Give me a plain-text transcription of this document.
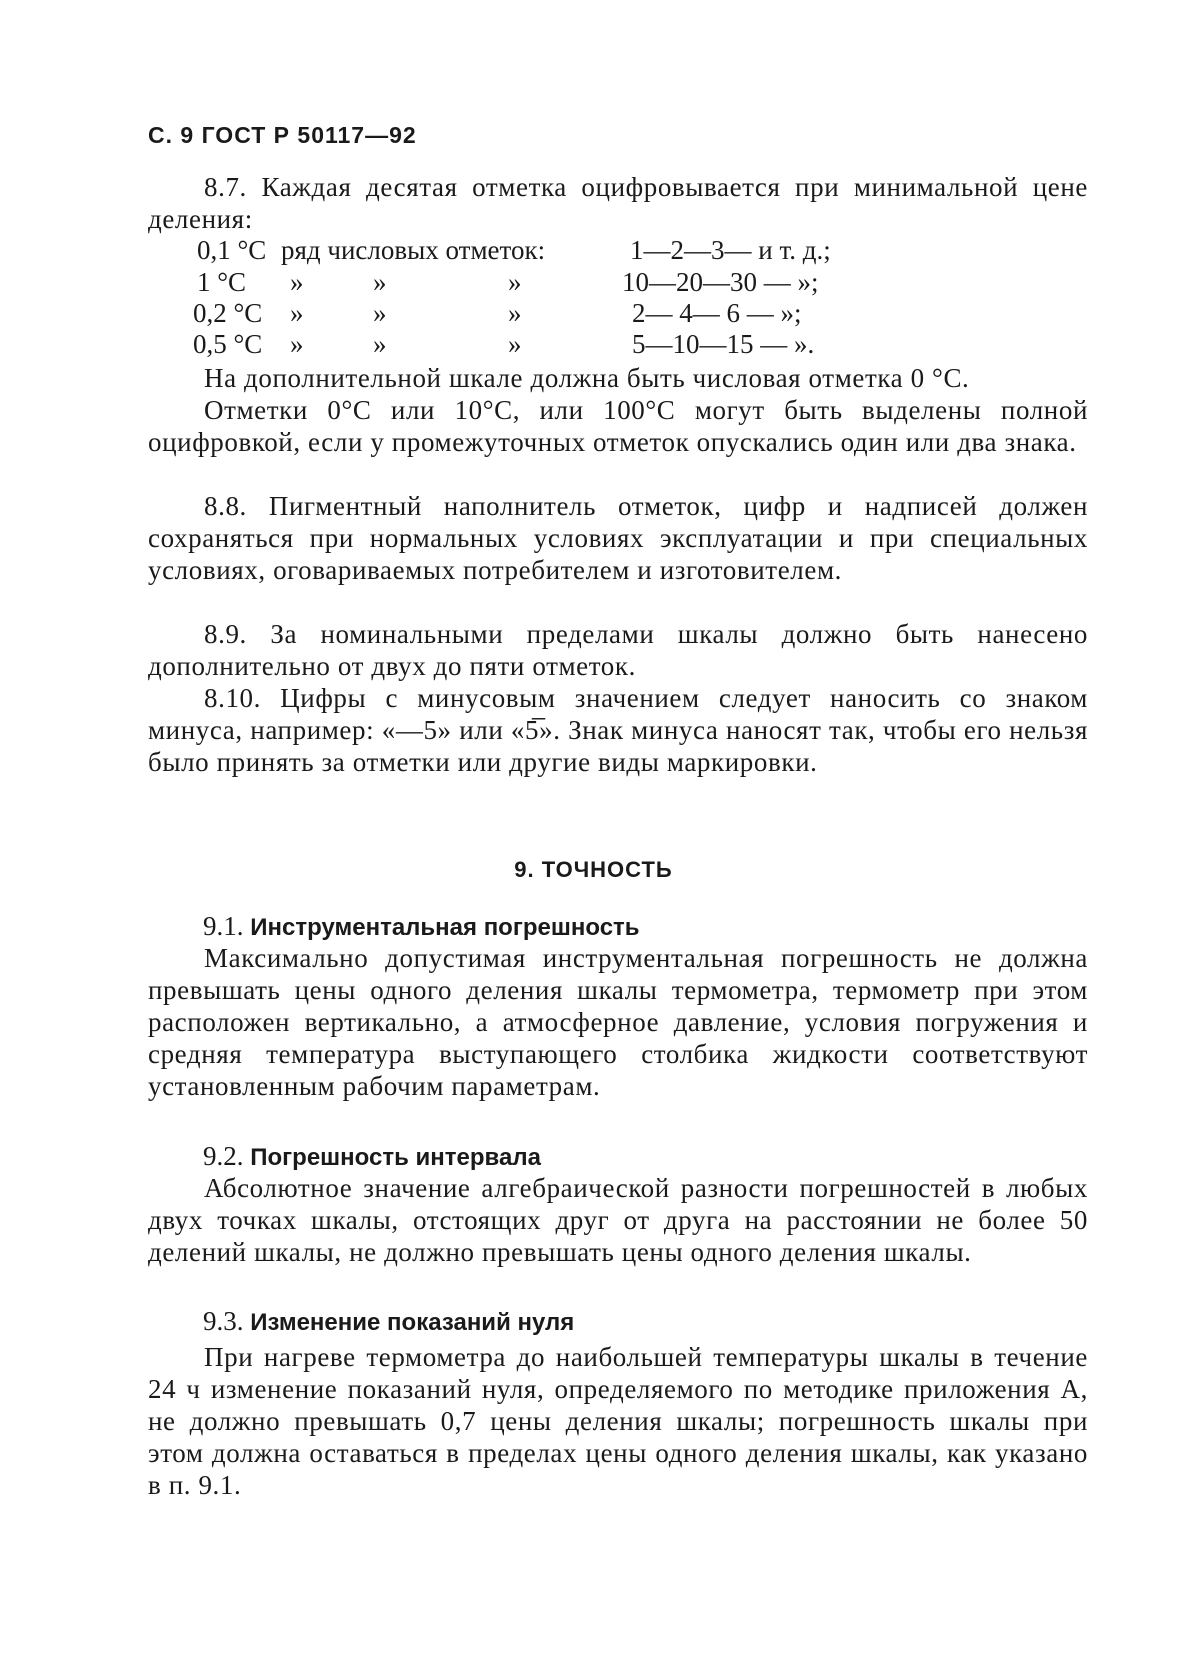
С. 9 ГОСТ Р 50117—92

8.7. Каждая десятая отметка оцифровывается при минимальной цене деления:

0,1 °С ряд числовых отметок:	1—2—3— и т. д.;
1 °С »	»	»	10—20—30 — »;
0,2 °С »	»	»	2— 4— 6 — »;
0,5 °С »	»	»	5—10—15 — ».

На дополнительной шкале должна быть числовая отметка 0 °С.

Отметки 0°С или 10°С, или 100°С могут быть выделены полной оцифровкой, если у промежуточных отметок опускались один или два знака.

8.8. Пигментный наполнитель отметок, цифр и надписей должен сохраняться при нормальных условиях эксплуатации и при специальных условиях, оговариваемых потребителем и изготовителем.

8.9. За номинальными пределами шкалы должно быть нанесено дополнительно от двух до пяти отметок.

8.10. Цифры с минусовым значением следует наносить со знаком минуса, например: «—5» или «5̅». Знак минуса наносят так, чтобы его нельзя было принять за отметки или другие виды маркировки.

9. ТОЧНОСТЬ
9.1. Инструментальная погрешность

Максимально допустимая инструментальная погрешность не должна превышать цены одного деления шкалы термометра, термометр при этом расположен вертикально, а атмосферное давление, условия погружения и средняя температура выступающего столбика жидкости соответствуют установленным рабочим параметрам.

9.2. Погрешность интервала

Абсолютное значение алгебраической разности погрешностей в любых двух точках шкалы, отстоящих друг от друга на расстоянии не более 50 делений шкалы, не должно превышать цены одного деления шкалы.

9.3. Изменение показаний нуля

При нагреве термометра до наибольшей температуры шкалы в течение 24 ч изменение показаний нуля, определяемого по методике приложения А, не должно превышать 0,7 цены деления шкалы; погрешность шкалы при этом должна оставаться в пределах цены одного деления шкалы, как указано в п. 9.1.
